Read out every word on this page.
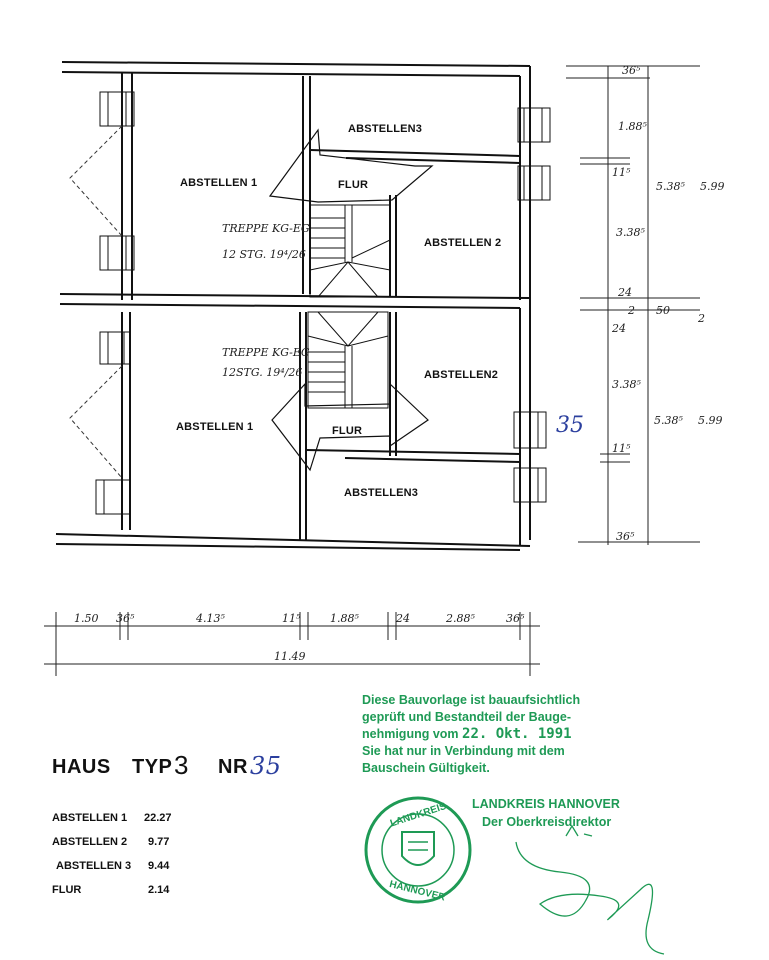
ABSTELLEN 1
ABSTELLEN3
FLUR
ABSTELLEN 2
TREPPE KG-EG
12 STG. 19⁴/26
TREPPE KG-EG
12STG. 19⁴/26	ABSTELLEN2
ABSTELLEN 1	FLUR
ABSTELLEN3
36⁵
1.88⁵
11⁵
5.38⁵ 5.99
3.38⁵
24
2 50
2
24
3.38⁵
5.38⁵ 5.99
11⁵
36⁵
35
1.50 36⁵	4.13⁵	11⁵	1.88⁵	24	2.88⁵	36⁵
11.49
LANDKREIS
HANNOVER
HAUS TYP 3 NR 35
ABSTELLEN 1 22.27
ABSTELLEN 2 9.77
ABSTELLEN 3 9.44
FLUR	2.14
Diese Bauvorlage ist bauaufsichtlich
geprüft und Bestandteil der Bauge-
nehmigung vom 22. Okt. 1991
Sie hat nur in Verbindung mit dem
Bauschein Gültigkeit.
LANDKREIS HANNOVER
Der Oberkreisdirektor
